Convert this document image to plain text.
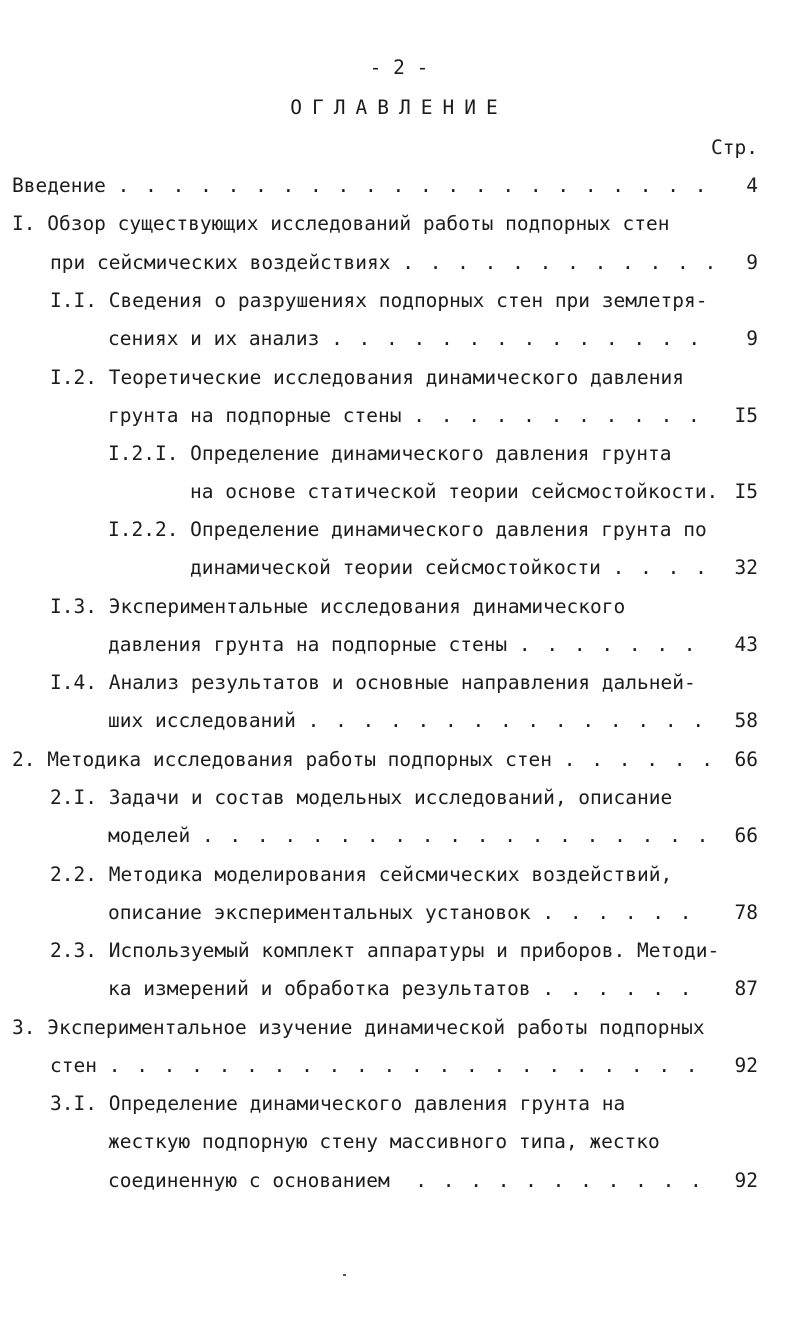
- 2 -
ОГЛАВЛЕНИЕ
Стр.
Введение . . . . . . . . . . . . . . . . . . . . . . 4
I. Обзор существующих исследований работы подпорных стен
при сейсмических воздействиях . . . . . . . . . . . . 9
I.I. Сведения о разрушениях подпорных стен при землетря-
сениях и их анализ . . . . . . . . . . . . . . 9
I.2. Теоретические исследования динамического давления
грунта на подпорные стены . . . . . . . . . . . I5
I.2.I. Определение динамического давления грунта
на основе статической теории сейсмостойкости. I5
I.2.2. Определение динамического давления грунта по
динамической теории сейсмостойкости . . . . 32
I.3. Экспериментальные исследования динамического
давления грунта на подпорные стены . . . . . . . 43
I.4. Анализ результатов и основные направления дальней-
ших исследований . . . . . . . . . . . . . . . 58
2. Методика исследования работы подпорных стен . . . . . . 66
2.I. Задачи и состав модельных исследований, описание
моделей . . . . . . . . . . . . . . . . . . . 66
2.2. Методика моделирования сейсмических воздействий,
описание экспериментальных установок . . . . . . 78
2.3. Используемый комплект аппаратуры и приборов. Методи-
ка измерений и обработка результатов . . . . . . 87
3. Экспериментальное изучение динамической работы подпорных
стен . . . . . . . . . . . . . . . . . . . . . . 92
3.I. Определение динамического давления грунта на
жесткую подпорную стену массивного типа, жестко
соединенную с основанием  . . . . . . . . . . . 92
